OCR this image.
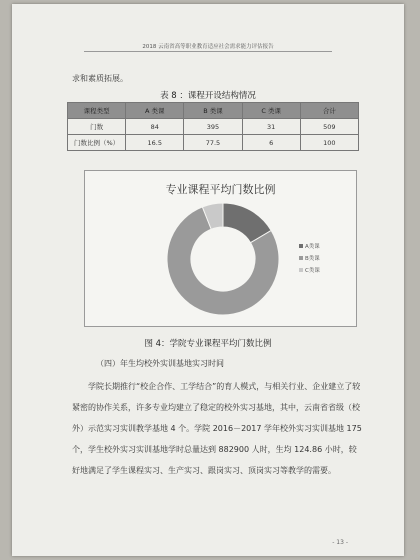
2018 云南省高等职业教育适应社会需求能力评估报告
求和素质拓展。
表 8 ：课程开设结构情况
课程类型	A 类课	B 类课	C 类课	合计
门数	84	395	31	509
门数比例（%）	16.5	77.5	6	100
专业课程平均门数比例
A类课
B类课
C类课
图 4：学院专业课程平均门数比例
（四）年生均校外实训基地实习时间

学院长期推行“校企合作、工学结合”的育人模式，与相关行业、企业建立了较紧密的协作关系，许多专业均建立了稳定的校外实习基地，其中，云南省省级（校外）示范实习实训教学基地 4 个。学院 2016－2017 学年校外实习实训基地 175 个，学生校外实习实训基地学时总量达到 882900 人时，生均 124.86 小时，较好地满足了学生课程实习、生产实习、跟岗实习、顶岗实习等教学的需要。

- 13 -
